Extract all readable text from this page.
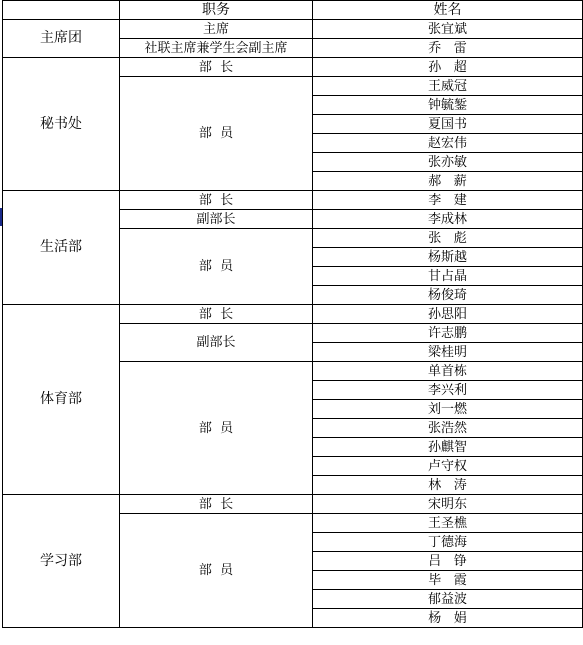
	职务	姓名
主席团	主席	张宜斌
	社联主席兼学生会副主席	乔   雷
秘书处	部  长	孙   超
	部  员	王威冠
		钟毓錾
		夏国书
		赵宏伟
		张亦敏
		郝   薪
生活部	部  长	李   建
	副部长	李成林
	部  员	张   彪
		杨斯越
		甘占晶
		杨俊琦
体育部	部  长	孙思阳
	副部长	许志鹏
		梁桂明
	部  员	单首栋
		李兴利
		刘一燃
		张浩然
		孙麒智
		卢守权
		林   涛
学习部	部  长	宋明东
	部  员	王圣樵
		丁德海
		吕   铮
		毕   霞
		郁益波
		杨   娟
